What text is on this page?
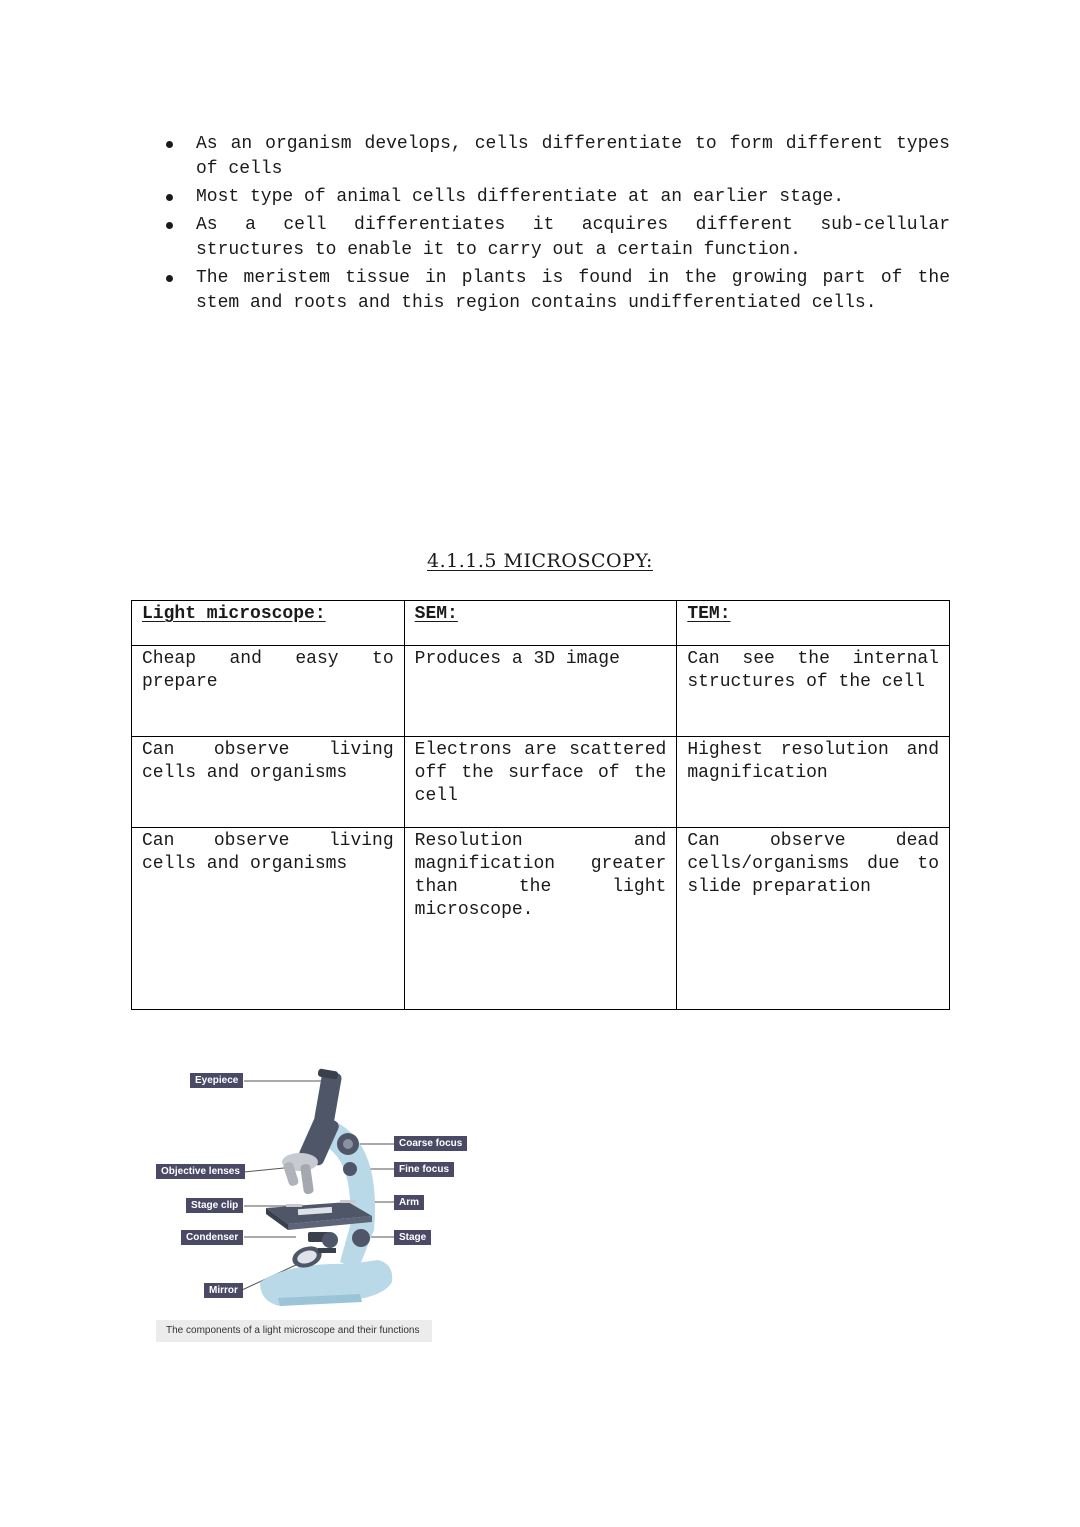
As an organism develops, cells differentiate to form different types of cells
Most type of animal cells differentiate at an earlier stage.
As a cell differentiates it acquires different sub-cellular structures to enable it to carry out a certain function.
The meristem tissue in plants is found in the growing part of the stem and roots and this region contains undifferentiated cells.
4.1.1.5 MICROSCOPY:
Light microscope:	SEM:	TEM:
Cheap and easy to prepare	Produces a 3D image	Can see the internal structures of the cell
Can observe living cells and organisms	Electrons are scattered off the surface of the cell	Highest resolution and magnification
Can observe living cells and organisms	Resolution and magnification greater than the light microscope.	Can observe dead cells/organisms due to slide preparation
Eyepiece
Coarse focus
Fine focus
Objective lenses
Arm
Stage clip
Stage
Condenser
Mirror
The components of a light microscope and their functions
